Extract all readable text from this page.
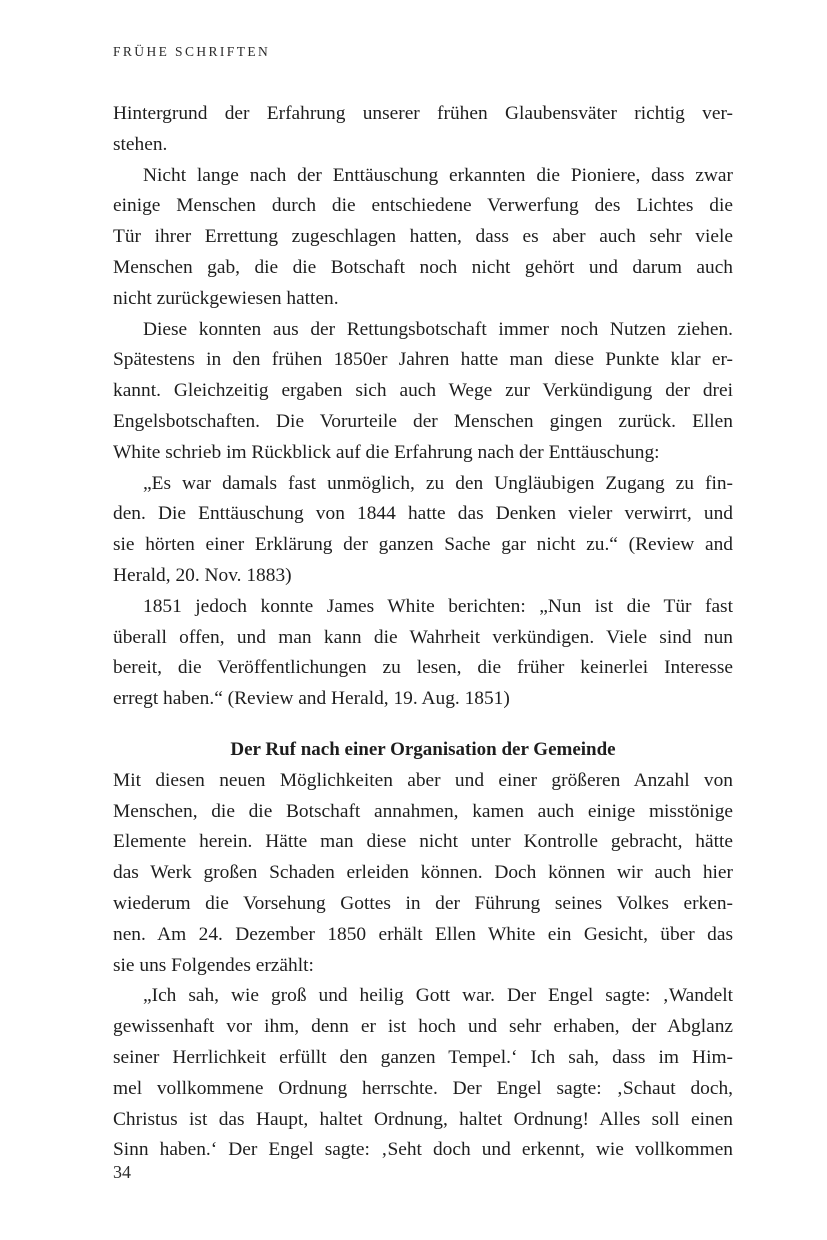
FRÜHE SCHRIFTEN
Hintergrund der Erfahrung unserer frühen Glaubensväter richtig ver-
stehen.
Nicht lange nach der Enttäuschung erkannten die Pioniere, dass zwar
einige Menschen durch die entschiedene Verwerfung des Lichtes die
Tür ihrer Errettung zugeschlagen hatten, dass es aber auch sehr viele
Menschen gab, die die Botschaft noch nicht gehört und darum auch
nicht zurückgewiesen hatten.
Diese konnten aus der Rettungsbotschaft immer noch Nutzen ziehen.
Spätestens in den frühen 1850er Jahren hatte man diese Punkte klar er-
kannt. Gleichzeitig ergaben sich auch Wege zur Verkündigung der drei
Engelsbotschaften. Die Vorurteile der Menschen gingen zurück. Ellen
White schrieb im Rückblick auf die Erfahrung nach der Enttäuschung:
„Es war damals fast unmöglich, zu den Ungläubigen Zugang zu fin-
den. Die Enttäuschung von 1844 hatte das Denken vieler verwirrt, und
sie hörten einer Erklärung der ganzen Sache gar nicht zu.“ (Review and
Herald, 20. Nov. 1883)
1851 jedoch konnte James White berichten: „Nun ist die Tür fast
überall offen, und man kann die Wahrheit verkündigen. Viele sind nun
bereit, die Veröffentlichungen zu lesen, die früher keinerlei Interesse
erregt haben.“ (Review and Herald, 19. Aug. 1851)
Der Ruf nach einer Organisation der Gemeinde
Mit diesen neuen Möglichkeiten aber und einer größeren Anzahl von
Menschen, die die Botschaft annahmen, kamen auch einige misstönige
Elemente herein. Hätte man diese nicht unter Kontrolle gebracht, hätte
das Werk großen Schaden erleiden können. Doch können wir auch hier
wiederum die Vorsehung Gottes in der Führung seines Volkes erken-
nen. Am 24. Dezember 1850 erhält Ellen White ein Gesicht, über das
sie uns Folgendes erzählt:
„Ich sah, wie groß und heilig Gott war. Der Engel sagte: ‚Wandelt
gewissenhaft vor ihm, denn er ist hoch und sehr erhaben, der Abglanz
seiner Herrlichkeit erfüllt den ganzen Tempel.‘ Ich sah, dass im Him-
mel vollkommene Ordnung herrschte. Der Engel sagte: ‚Schaut doch,
Christus ist das Haupt, haltet Ordnung, haltet Ordnung! Alles soll einen
Sinn haben.‘ Der Engel sagte: ‚Seht doch und erkennt, wie vollkommen
34
